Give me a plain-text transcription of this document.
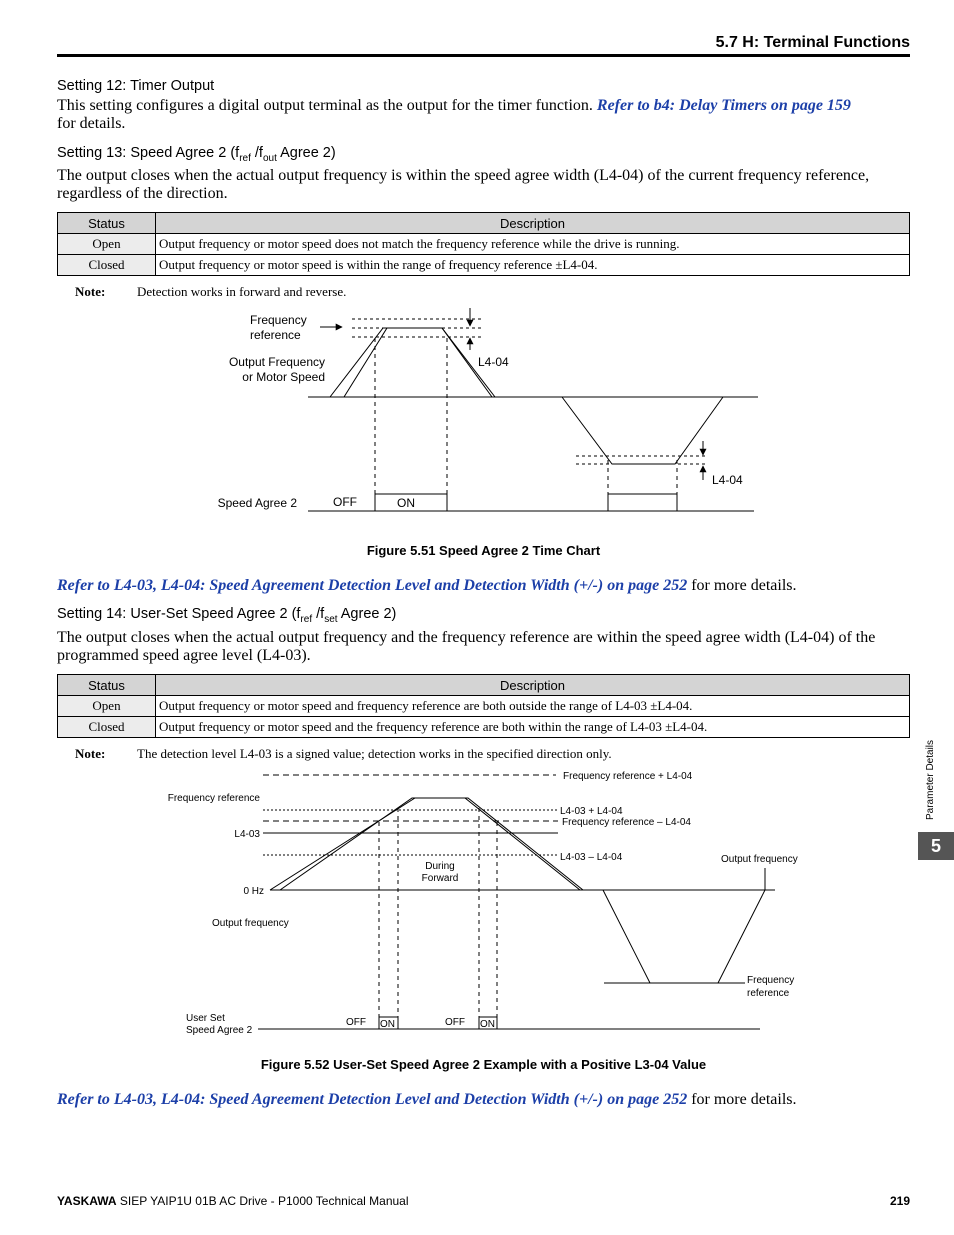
5.7 H: Terminal Functions
Setting 12: Timer Output
This setting configures a digital output terminal as the output for the timer function. Refer to b4: Delay Timers on page 159
for details.
Setting 13: Speed Agree 2 ($f_{ref}$ $/f_{out}$ Agree 2)
The output closes when the actual output frequency is within the speed agree width (L4-04) of the current frequency reference, regardless of the direction.
Status	Description
Open	Output frequency or motor speed does not match the frequency reference while the drive is running.
Closed	Output frequency or motor speed is within the range of frequency reference ±L4-04.
Note: Detection works in forward and reverse.
Frequency
reference
Output Frequency
or Motor Speed
L4-04
L4-04
Speed Agree 2	OFF	ON
Figure 5.51 Speed Agree 2 Time Chart
Refer to L4-03, L4-04: Speed Agreement Detection Level and Detection Width (+/-) on page 252 for more details.
Setting 14: User-Set Speed Agree 2 ($f_{ref}$ $/f_{set}$ Agree 2)
The output closes when the actual output frequency and the frequency reference are within the speed agree width (L4-04) of the programmed speed agree level (L4-03).
Status	Description
Open	Output frequency or motor speed and frequency reference are both outside the range of L4-03 ±L4-04.
Closed	Output frequency or motor speed and the frequency reference are both within the range of L4-03 ±L4-04.
Note: The detection level L4-03 is a signed value; detection works in the specified direction only.
Frequency reference + L4-04
Frequency reference
L4-03 + L4-04
Frequency reference – L4-04
L4-03
L4-03 – L4-04
During
Forward
0 Hz
Output frequency
Output frequency
Frequency
reference
User Set
Speed Agree 2
OFF ON	OFF ON
Figure 5.52 User-Set Speed Agree 2 Example with a Positive L3-04 Value
Refer to L4-03, L4-04: Speed Agreement Detection Level and Detection Width (+/-) on page 252 for more details.
Parameter Details
5
YASKAWA SIEP YAIP1U 01B AC Drive - P1000 Technical Manual	219
